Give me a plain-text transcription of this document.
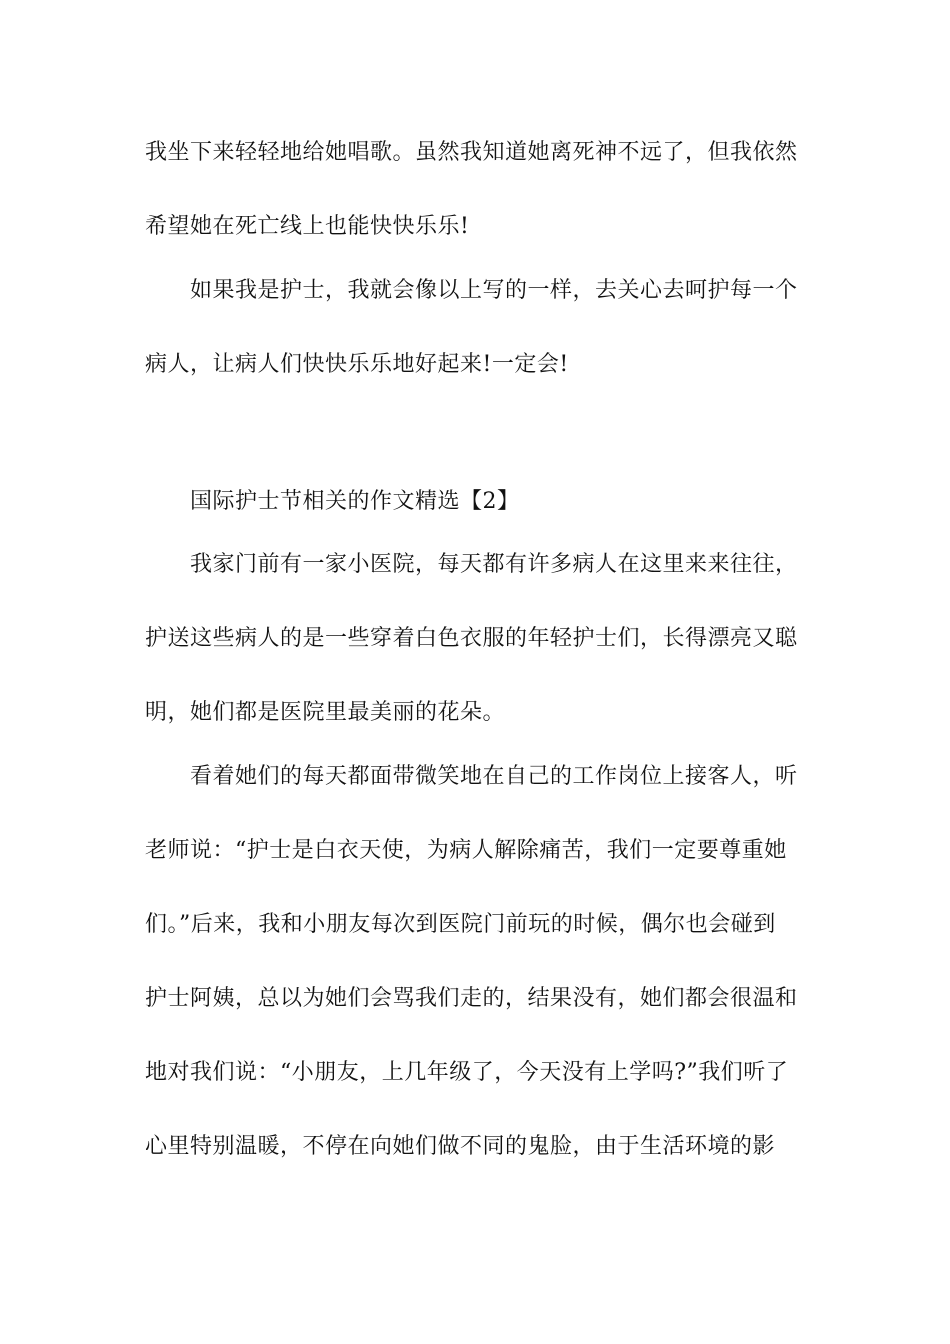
我坐下来轻轻地给她唱歌。虽然我知道她离死神不远了，但我依然
希望她在死亡线上也能快快乐乐!
如果我是护士，我就会像以上写的一样，去关心去呵护每一个
病人，让病人们快快乐乐地好起来!一定会!
国际护士节相关的作文精选【2】
我家门前有一家小医院，每天都有许多病人在这里来来往往，
护送这些病人的是一些穿着白色衣服的年轻护士们，长得漂亮又聪
明，她们都是医院里最美丽的花朵。
看着她们的每天都面带微笑地在自己的工作岗位上接客人，听
老师说：“护士是白衣天使，为病人解除痛苦，我们一定要尊重她
们。”后来，我和小朋友每次到医院门前玩的时候，偶尔也会碰到
护士阿姨，总以为她们会骂我们走的，结果没有，她们都会很温和
地对我们说：“小朋友，上几年级了，今天没有上学吗?”我们听了
心里特别温暖，不停在向她们做不同的鬼脸，由于生活环境的影
